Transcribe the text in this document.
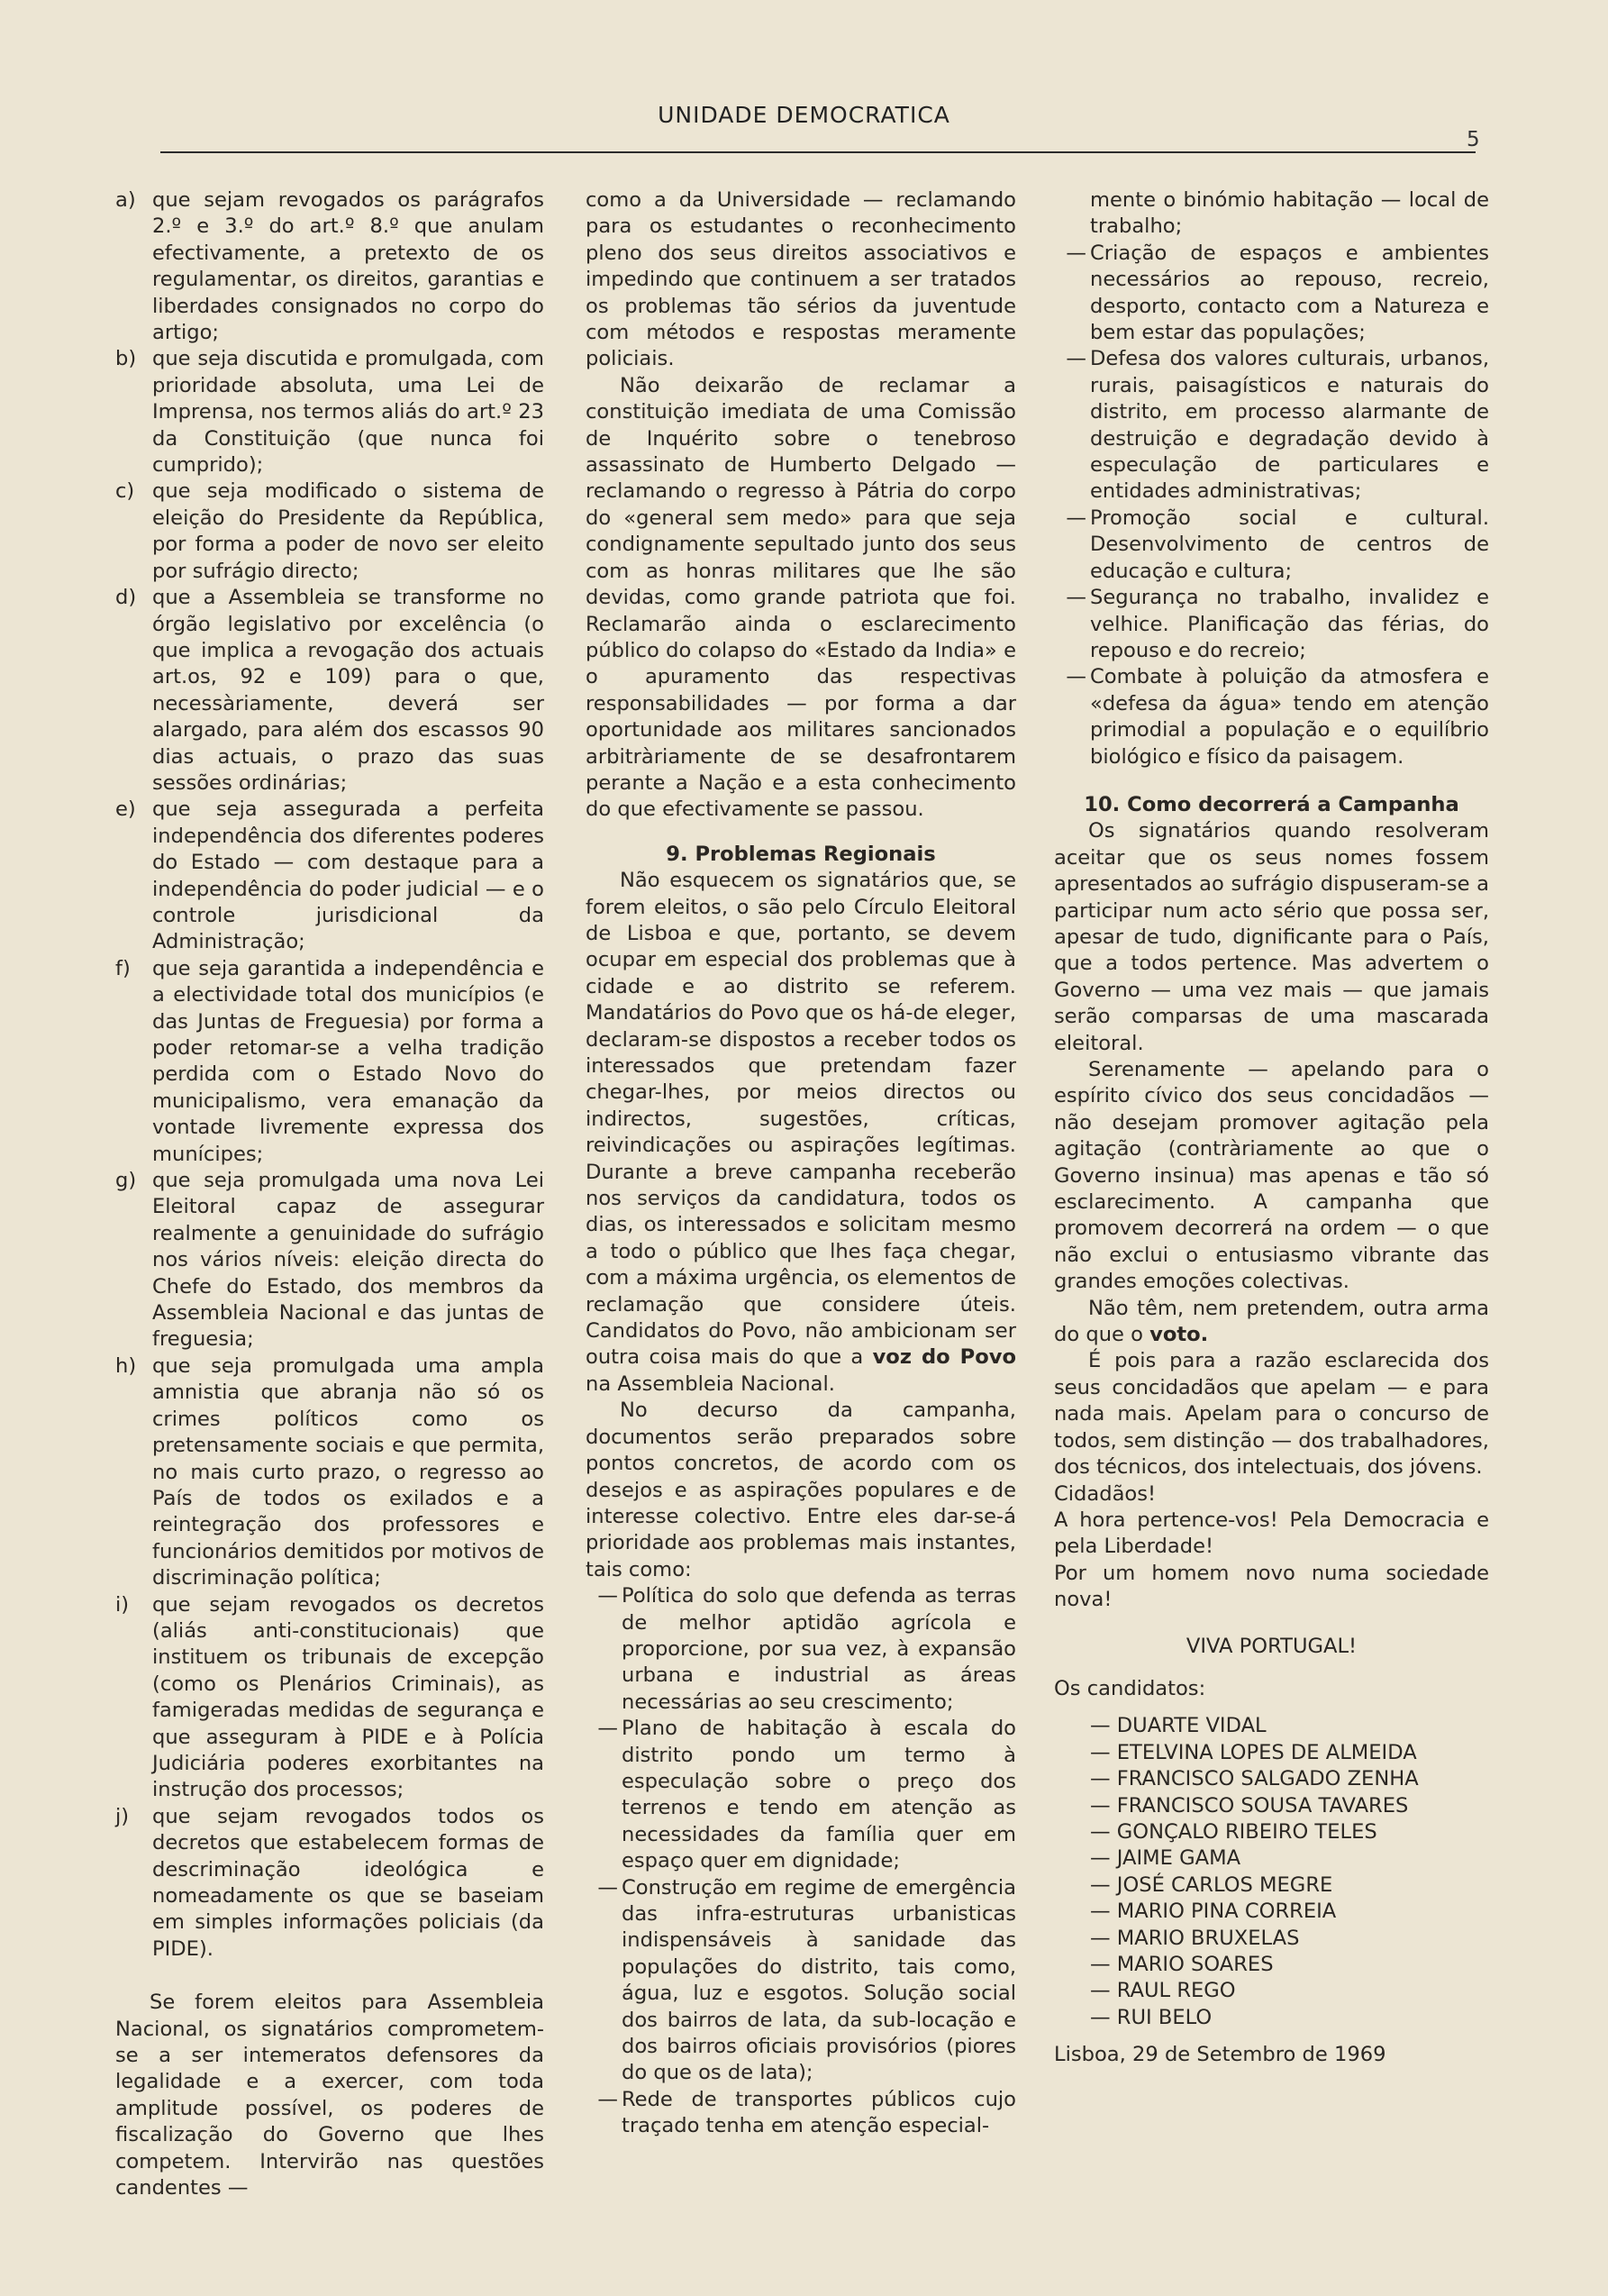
UNIDADE DEMOCRATICA
5
a) que sejam revogados os parágrafos 2.º e 3.º do art.º 8.º que anulam efectivamente, a pretexto de os regulamentar, os direitos, garantias e liberdades consignados no corpo do artigo;
b) que seja discutida e promulgada, com prioridade absoluta, uma Lei de Imprensa, nos termos aliás do art.º 23 da Constituição (que nunca foi cumprido);
c) que seja modificado o sistema de eleição do Presidente da República, por forma a poder de novo ser eleito por sufrágio directo;
d) que a Assembleia se transforme no órgão legislativo por excelência (o que implica a revogação dos actuais art.os, 92 e 109) para o que, necessàriamente, deverá ser alargado, para além dos escassos 90 dias actuais, o prazo das suas sessões ordinárias;
e) que seja assegurada a perfeita independência dos diferentes poderes do Estado — com destaque para a independência do poder judicial — e o controle jurisdicional da Administração;
f)	que seja garantida a independência e a electividade total dos municípios (e das Juntas de Freguesia) por forma a poder retomar-se a velha tradição perdida com o Estado Novo do municipalismo, vera emanação da vontade livremente expressa dos munícipes;
g) que seja promulgada uma nova Lei Eleitoral capaz de assegurar realmente a genuinidade do sufrágio nos vários níveis: eleição directa do Chefe do Estado, dos membros da Assembleia Nacional e das juntas de freguesia;
h) que seja promulgada uma ampla amnistia que abranja não só os crimes políticos como os pretensamente sociais e que permita, no mais curto prazo, o regresso ao País de todos os exilados e a reintegração dos professores e funcionários demitidos por motivos de discriminação política;
i)	que sejam revogados os decretos (aliás anti-constitucionais) que instituem os tribunais de excepção (como os Plenários Criminais), as famigeradas medidas de segurança e que asseguram à PIDE e à Polícia Judiciária poderes exorbitantes na instrução dos processos;
j)	que sejam revogados todos os decretos que estabelecem formas de descriminação ideológica e nomeadamente os que se baseiam em simples informações policiais (da PIDE).

Se forem eleitos para Assembleia Nacional, os signatários comprometem-se a ser intemeratos defensores da legalidade e a exercer, com toda amplitude possível, os poderes de fiscalização do Governo que lhes competem. Intervirão nas questões candentes —

como a da Universidade — reclamando para os estudantes o reconhecimento pleno dos seus direitos associativos e impedindo que continuem a ser tratados os problemas tão sérios da juventude com métodos e respostas meramente policiais.

Não deixarão de reclamar a constituição imediata de uma Comissão de Inquérito sobre o tenebroso assassinato de Humberto Delgado — reclamando o regresso à Pátria do corpo do «general sem medo» para que seja condignamente sepultado junto dos seus com as honras militares que lhe são devidas, como grande patriota que foi. Reclamarão ainda o esclarecimento público do colapso do «Estado da India» e o apuramento das respectivas responsabilidades — por forma a dar oportunidade aos militares sancionados arbitràriamente de se desafrontarem perante a Nação e a esta conhecimento do que efectivamente se passou.

9. Problemas Regionais

Não esquecem os signatários que, se forem eleitos, o são pelo Círculo Eleitoral de Lisboa e que, portanto, se devem ocupar em especial dos problemas que à cidade e ao distrito se referem. Mandatários do Povo que os há-de eleger, declaram-se dispostos a receber todos os interessados que pretendam fazer chegar-lhes, por meios directos ou indirectos, sugestões, críticas, reivindicações ou aspirações legítimas. Durante a breve campanha receberão nos serviços da candidatura, todos os dias, os interessados e solicitam mesmo a todo o público que lhes faça chegar, com a máxima urgência, os elementos de reclamação que considere úteis. Candidatos do Povo, não ambicionam ser outra coisa mais do que a voz do Povo na Assembleia Nacional.

No decurso da campanha, documentos serão preparados sobre pontos concretos, de acordo com os desejos e as aspirações populares e de interesse colectivo. Entre eles dar-se-á prioridade aos problemas mais instantes, tais como:

— Política do solo que defenda as terras de melhor aptidão agrícola e proporcione, por sua vez, à expansão urbana e industrial as áreas necessárias ao seu crescimento;
— Plano de habitação à escala do distrito pondo um termo à especulação sobre o preço dos terrenos e tendo em atenção as necessidades da família quer em espaço quer em dignidade;
— Construção em regime de emergência das infra-estruturas urbanisticas indispensáveis à sanidade das populações do distrito, tais como, água, luz e esgotos. Solução social dos bairros de lata, da sub-locação e dos bairros oficiais provisórios (piores do que os de lata);
— Rede de transportes públicos cujo traçado tenha em atenção especial-

mente o binómio habitação — local de trabalho;

— Criação de espaços e ambientes necessários ao repouso, recreio, desporto, contacto com a Natureza e bem estar das populações;
— Defesa dos valores culturais, urbanos, rurais, paisagísticos e naturais do distrito, em processo alarmante de destruição e degradação devido à especulação de particulares e entidades administrativas;
— Promoção social e cultural. Desenvolvimento de centros de educação e cultura;
— Segurança no trabalho, invalidez e velhice. Planificação das férias, do repouso e do recreio;
— Combate à poluição da atmosfera e «defesa da água» tendo em atenção primodial a população e o equilíbrio biológico e físico da paisagem.

10. Como decorrerá a Campanha

Os signatários quando resolveram aceitar que os seus nomes fossem apresentados ao sufrágio dispuseram-se a participar num acto sério que possa ser, apesar de tudo, dignificante para o País, que a todos pertence. Mas advertem o Governo — uma vez mais — que jamais serão comparsas de uma mascarada eleitoral.

Serenamente — apelando para o espírito cívico dos seus concidadãos — não desejam promover agitação pela agitação (contràriamente ao que o Governo insinua) mas apenas e tão só esclarecimento. A campanha que promovem decorrerá na ordem — o que não exclui o entusiasmo vibrante das grandes emoções colectivas.

Não têm, nem pretendem, outra arma do que o voto.

É pois para a razão esclarecida dos seus concidadãos que apelam — e para nada mais. Apelam para o concurso de todos, sem distinção — dos trabalhadores, dos técnicos, dos intelectuais, dos jóvens.

Cidadãos!

A hora pertence-vos! Pela Democracia e pela Liberdade!

Por um homem novo numa sociedade nova!

VIVA PORTUGAL!

Os candidatos:

— DUARTE VIDAL

— ETELVINA LOPES DE ALMEIDA

— FRANCISCO SALGADO ZENHA

— FRANCISCO SOUSA TAVARES

— GONÇALO RIBEIRO TELES

— JAIME GAMA

— JOSÉ CARLOS MEGRE

— MARIO PINA CORREIA

— MARIO BRUXELAS

— MARIO SOARES

— RAUL REGO

— RUI BELO

Lisboa, 29 de Setembro de 1969
